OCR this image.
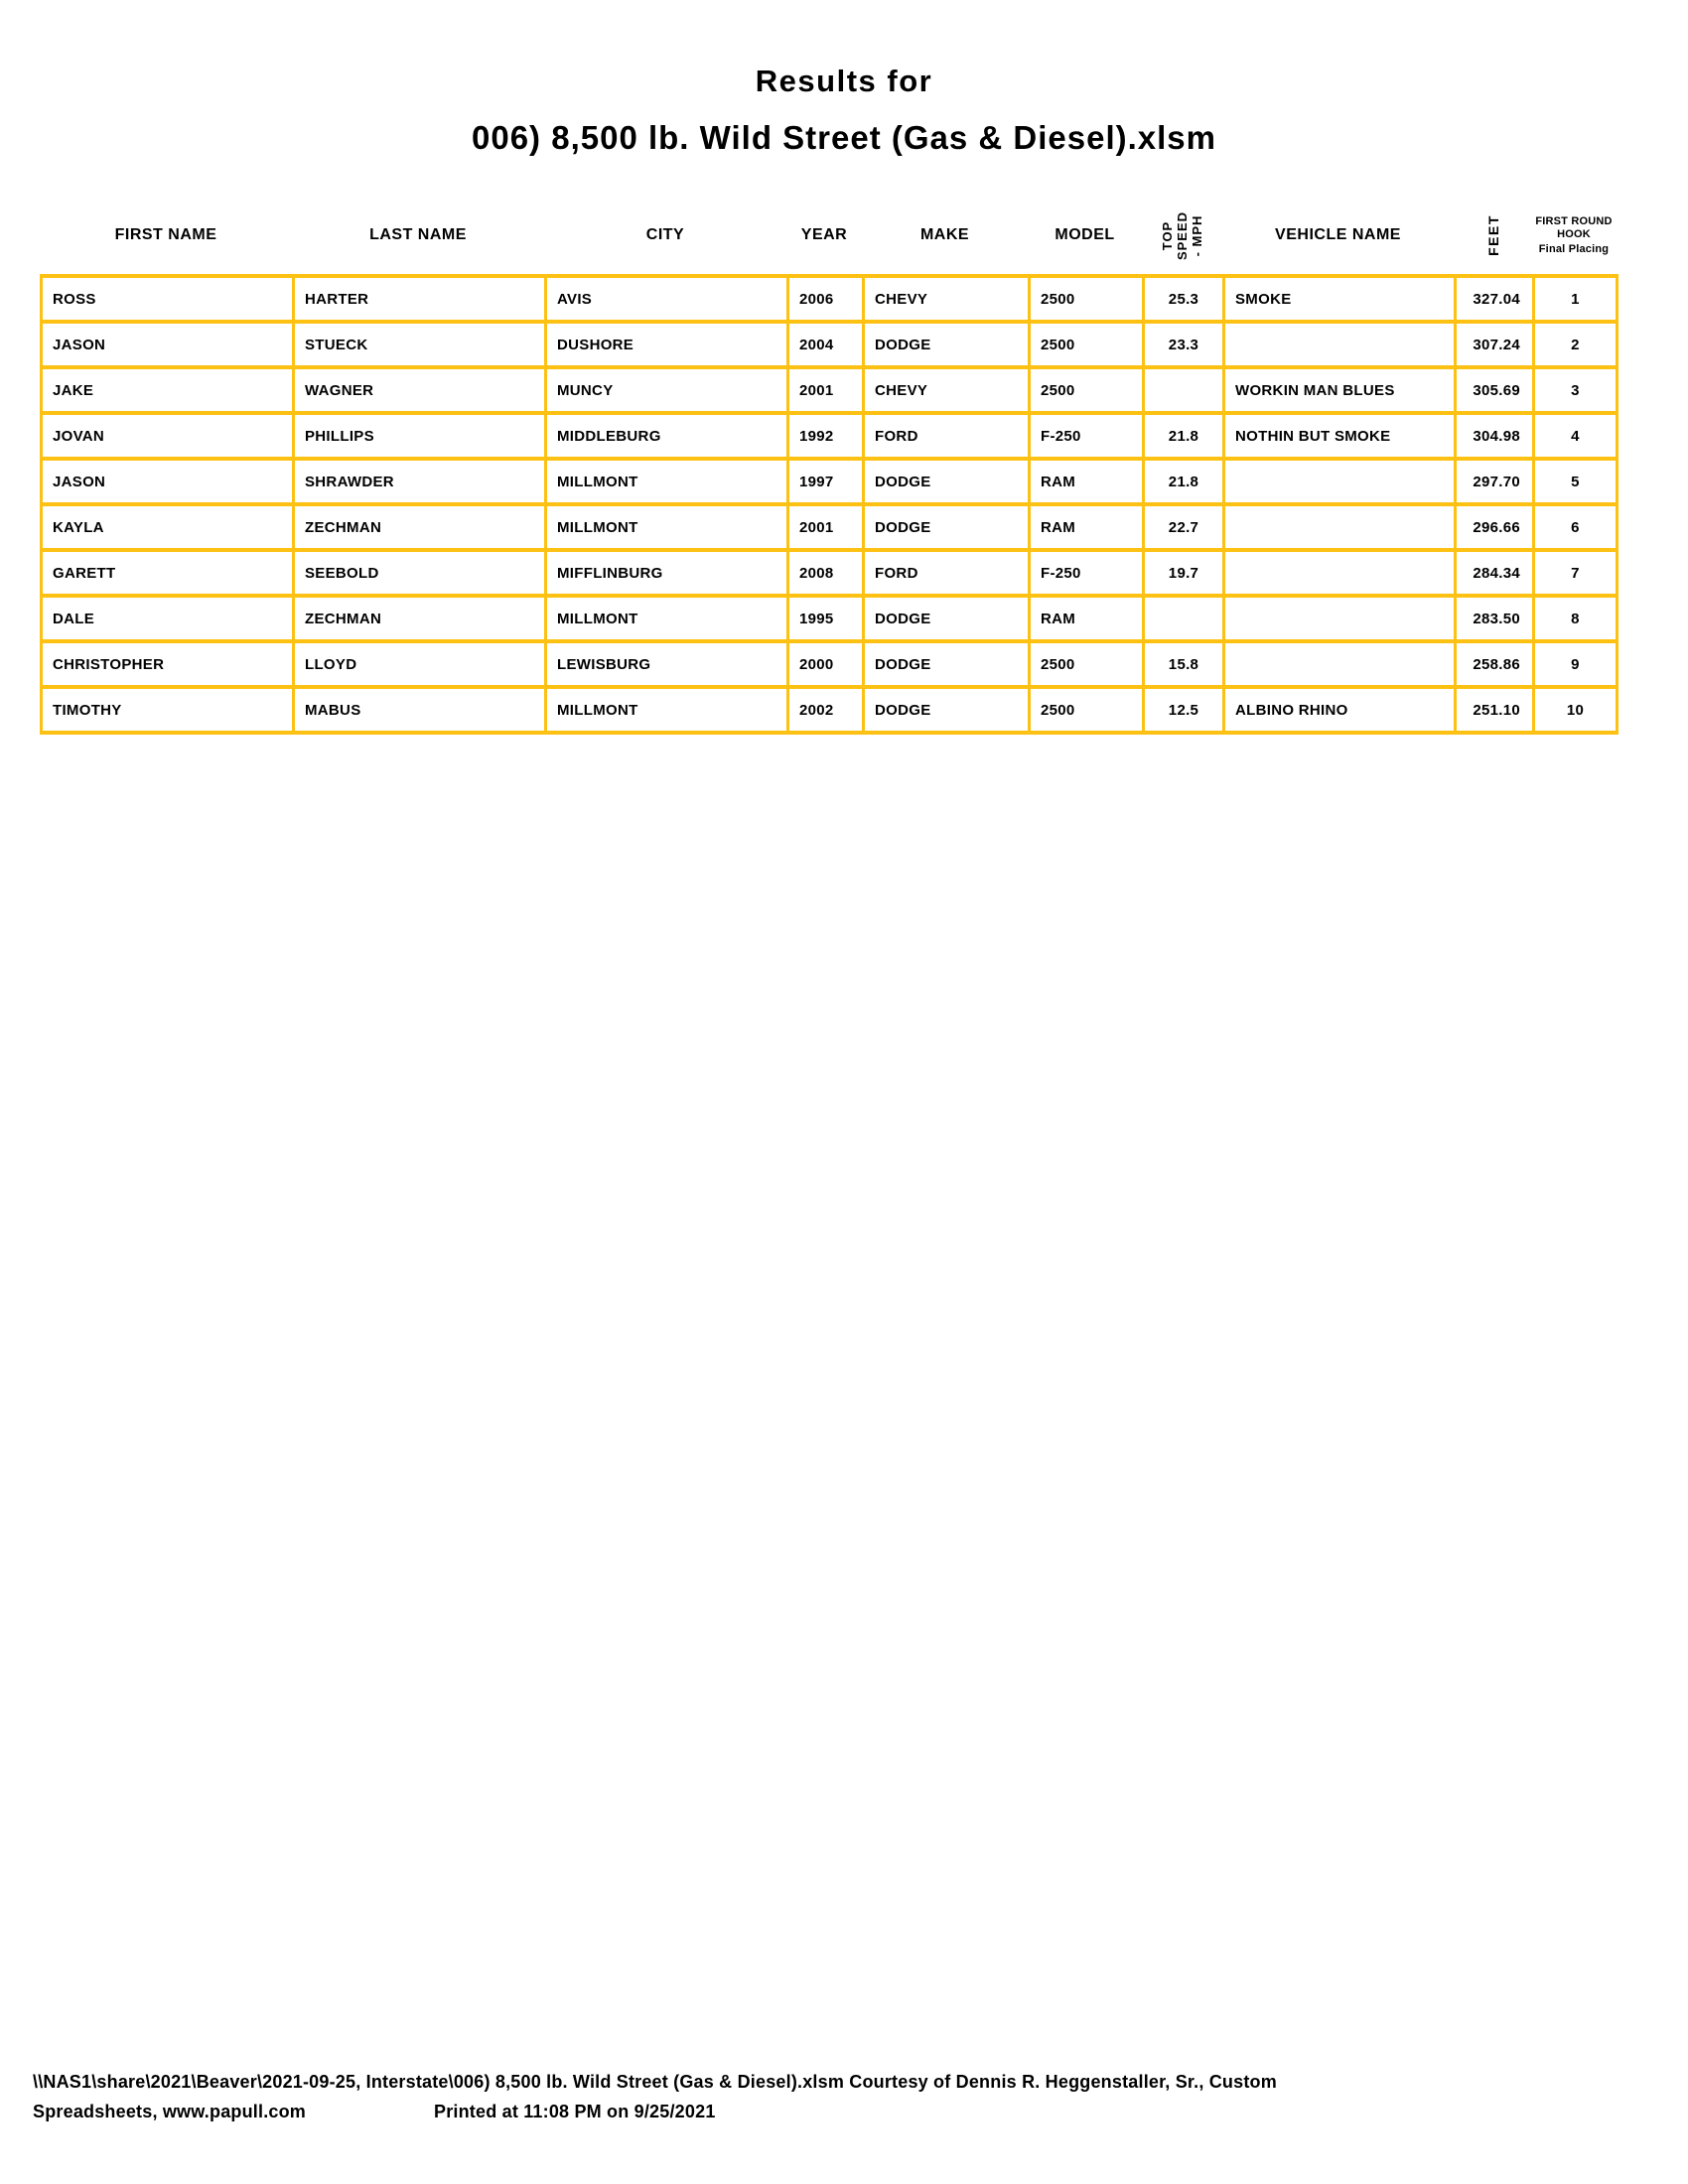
Results for
006) 8,500 lb. Wild Street (Gas & Diesel).xlsm
FIRST NAME	LAST NAME	CITY	YEAR	MAKE	MODEL	TOP SPEED - MPH	VEHICLE NAME	FEET	FIRST ROUND
HOOK
Final Placing
ROSS	HARTER	AVIS	2006	CHEVY	2500	25.3	SMOKE	327.04	1
JASON	STUECK	DUSHORE	2004	DODGE	2500	23.3		307.24	2
JAKE	WAGNER	MUNCY	2001	CHEVY	2500		WORKIN MAN BLUES	305.69	3
JOVAN	PHILLIPS	MIDDLEBURG	1992	FORD	F-250	21.8	NOTHIN BUT SMOKE	304.98	4
JASON	SHRAWDER	MILLMONT	1997	DODGE	RAM	21.8		297.70	5
KAYLA	ZECHMAN	MILLMONT	2001	DODGE	RAM	22.7		296.66	6
GARETT	SEEBOLD	MIFFLINBURG	2008	FORD	F-250	19.7		284.34	7
DALE	ZECHMAN	MILLMONT	1995	DODGE	RAM			283.50	8
CHRISTOPHER	LLOYD	LEWISBURG	2000	DODGE	2500	15.8		258.86	9
TIMOTHY	MABUS	MILLMONT	2002	DODGE	2500	12.5	ALBINO RHINO	251.10	10
\\NAS1\share\2021\Beaver\2021-09-25, Interstate\006) 8,500 lb. Wild Street (Gas & Diesel).xlsm Courtesy of Dennis R. Heggenstaller, Sr., Custom
Spreadsheets, www.papull.com	Printed at 11:08 PM on 9/25/2021
